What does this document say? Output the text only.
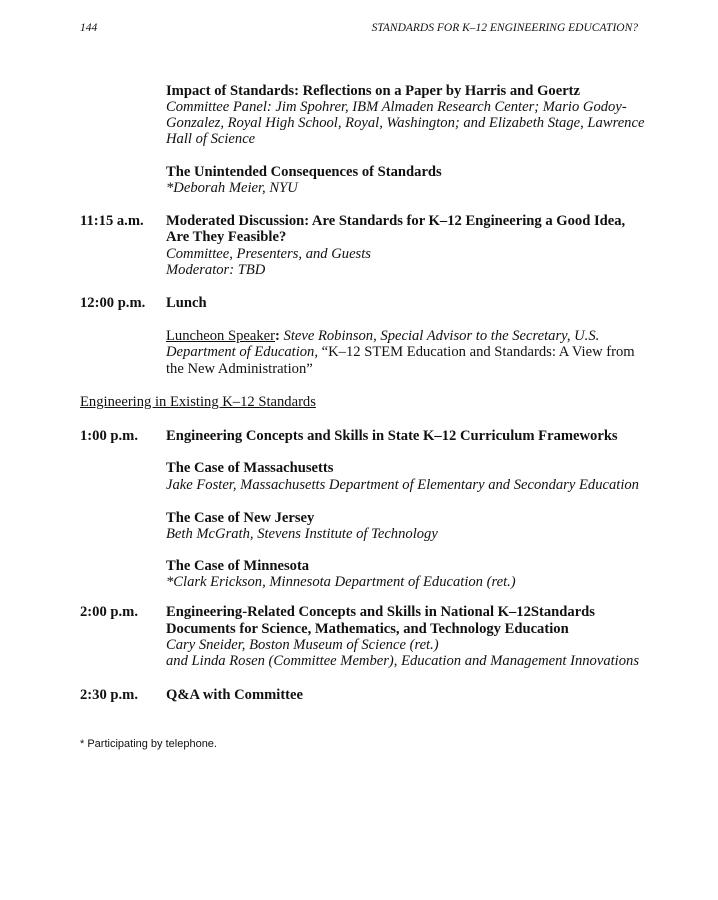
144	STANDARDS FOR K–12 ENGINEERING EDUCATION?
Impact of Standards: Reflections on a Paper by Harris and Goertz
Committee Panel: Jim Spohrer, IBM Almaden Research Center; Mario Godoy-
Gonzalez, Royal High School, Royal, Washington; and Elizabeth Stage, Lawrence
Hall of Science
The Unintended Consequences of Standards
*Deborah Meier, NYU
11:15 a.m. Moderated Discussion: Are Standards for K–12 Engineering a Good Idea,
Are They Feasible?
Committee, Presenters, and Guests
Moderator: TBD
12:00 p.m. Lunch
Luncheon Speaker: Steve Robinson, Special Advisor to the Secretary, U.S.
Department of Education, “K–12 STEM Education and Standards: A View from
the New Administration”
Engineering in Existing K–12 Standards
1:00 p.m. Engineering Concepts and Skills in State K–12 Curriculum Frameworks
The Case of Massachusetts
Jake Foster, Massachusetts Department of Elementary and Secondary Education
The Case of New Jersey
Beth McGrath, Stevens Institute of Technology
The Case of Minnesota
*Clark Erickson, Minnesota Department of Education (ret.)
2:00 p.m. Engineering-Related Concepts and Skills in National K–12Standards
Documents for Science, Mathematics, and Technology Education
Cary Sneider, Boston Museum of Science (ret.)
and Linda Rosen (Committee Member), Education and Management Innovations
2:30 p.m. Q&A with Committee
* Participating by telephone.
